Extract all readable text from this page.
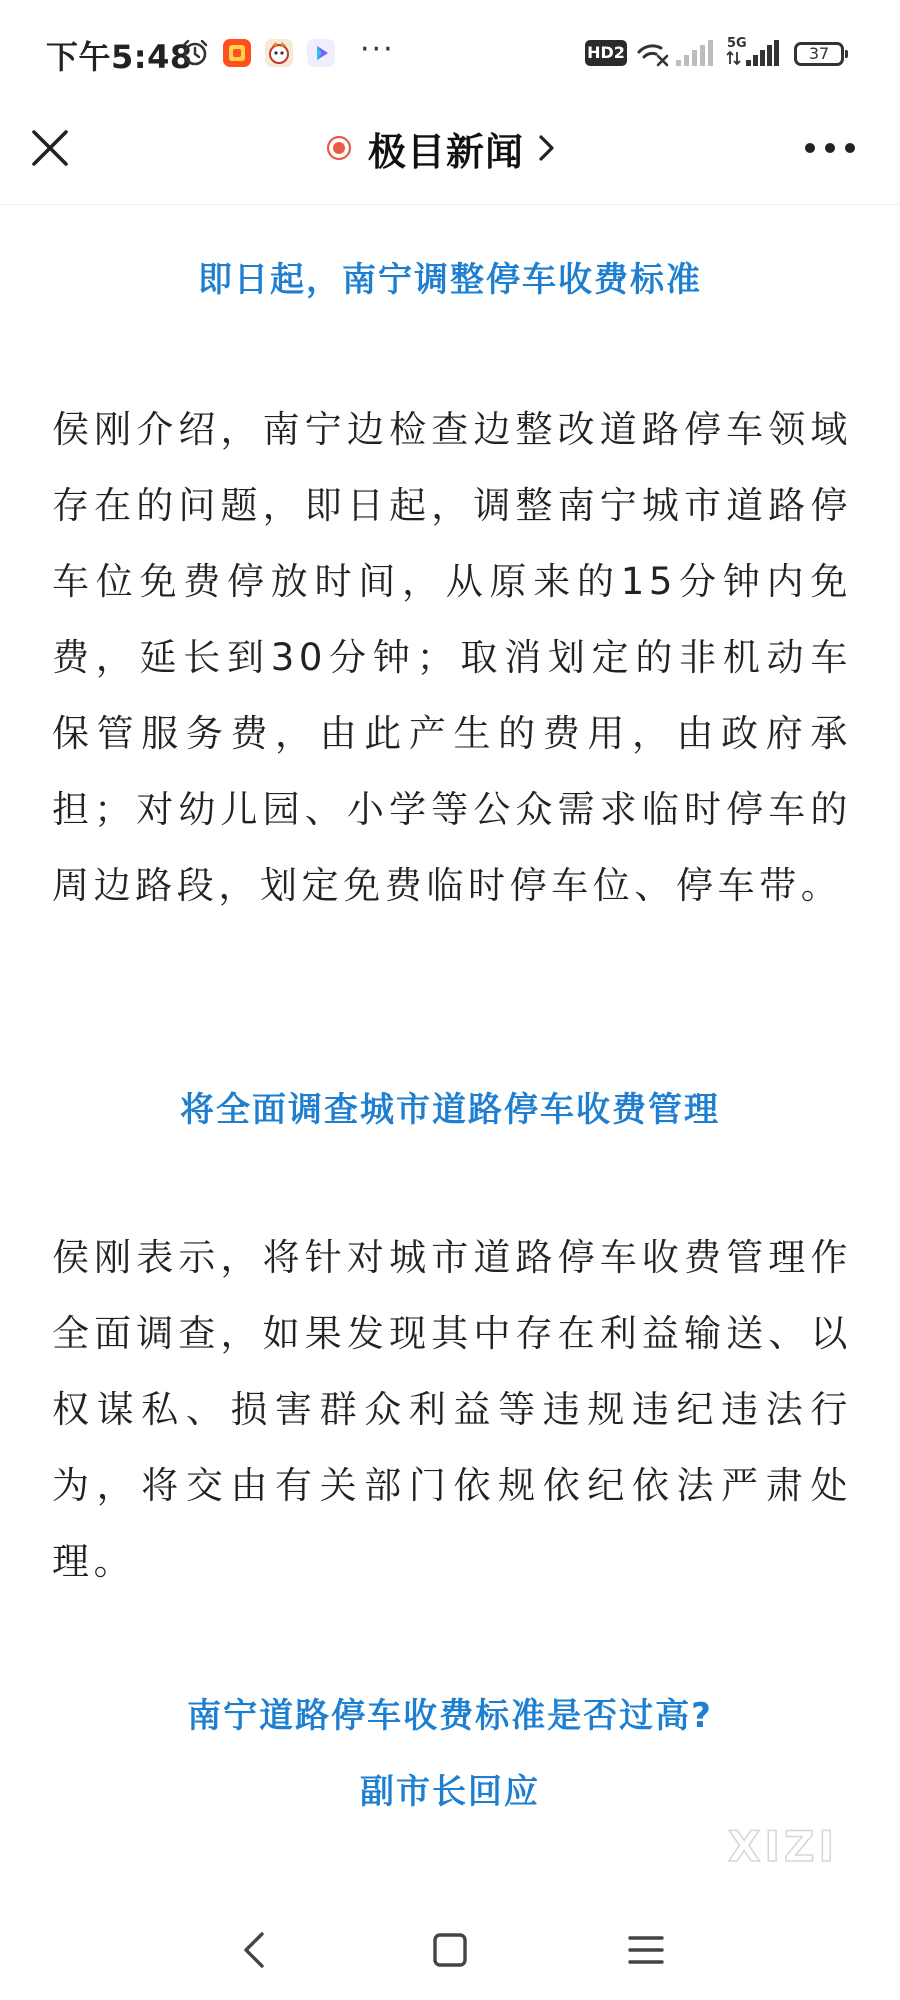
下午5:48	···	HD2	5G
37
极目新闻
即日起，南宁调整停车收费标准
侯刚介绍，南宁边检查边整改道路停车领域存在的问题，即日起，调整南宁城市道路停车位免费停放时间，从原来的15分钟内免费，延长到30分钟；取消划定的非机动车保管服务费，由此产生的费用，由政府承担；对幼儿园、小学等公众需求临时停车的周边路段，划定免费临时停车位、停车带。
将全面调查城市道路停车收费管理
侯刚表示，将针对城市道路停车收费管理作全面调查，如果发现其中存在利益输送、以权谋私、损害群众利益等违规违纪违法行为，将交由有关部门依规依纪依法严肃处理。
南宁道路停车收费标准是否过高?
副市长回应
XIZI
